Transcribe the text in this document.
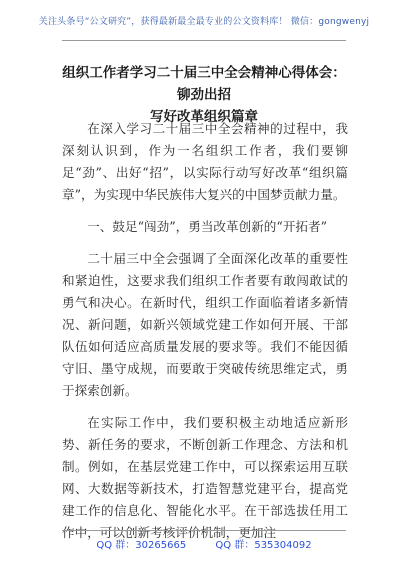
关注头条号“公文研究”，获得最新最全最专业的公文资料库！ 微信：gongwenyj
组织工作者学习二十届三中全会精神心得体会：铆劲出招
写好改革组织篇章

在深入学习二十届三中全会精神的过程中，我深刻认识到，作为一名组织工作者，我们要铆足“劲”、出好“招”，以实际行动写好改革“组织篇章”，为实现中华民族伟大复兴的中国梦贡献力量。

一、鼓足“闯劲”，勇当改革创新的“开拓者”

二十届三中全会强调了全面深化改革的重要性和紧迫性，这要求我们组织工作者要有敢闯敢试的勇气和决心。在新时代，组织工作面临着诸多新情况、新问题，如新兴领域党建工作如何开展、干部队伍如何适应高质量发展的要求等。我们不能因循守旧、墨守成规，而要敢于突破传统思维定式，勇于探索创新。

在实际工作中，我们要积极主动地适应新形势、新任务的要求，不断创新工作理念、方法和机制。例如，在基层党建工作中，可以探索运用互联网、大数据等新技术，打造智慧党建平台，提高党建工作的信息化、智能化水平。在干部选拔任用工作中，可以创新考核评价机制，更加注

QQ 群：30265665	QQ 群：535304092
